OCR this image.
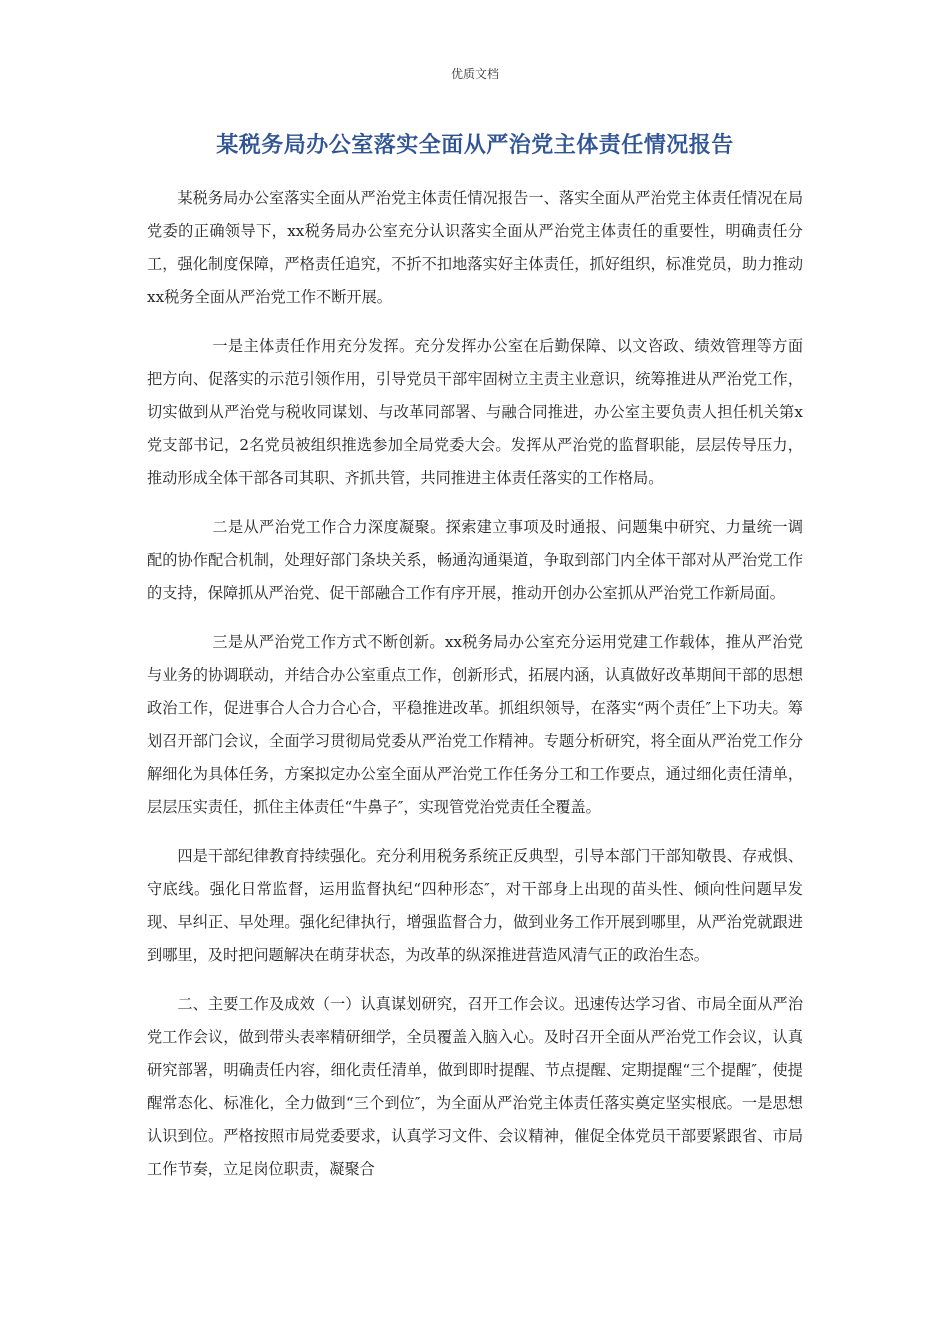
优质文档
某税务局办公室落实全面从严治党主体责任情况报告

某税务局办公室落实全面从严治党主体责任情况报告一、落实全面从严治党主体责任情况在局党委的正确领导下，xx税务局办公室充分认识落实全面从严治党主体责任的重要性，明确责任分工，强化制度保障，严格责任追究，不折不扣地落实好主体责任，抓好组织，标准党员，助力推动xx税务全面从严治党工作不断开展。

一是主体责任作用充分发挥。充分发挥办公室在后勤保障、以文咨政、绩效管理等方面把方向、促落实的示范引领作用，引导党员干部牢固树立主责主业意识，统筹推进从严治党工作，切实做到从严治党与税收同谋划、与改革同部署、与融合同推进，办公室主要负责人担任机关第x党支部书记，2名党员被组织推选参加全局党委大会。发挥从严治党的监督职能，层层传导压力，推动形成全体干部各司其职、齐抓共管，共同推进主体责任落实的工作格局。

二是从严治党工作合力深度凝聚。探索建立事项及时通报、问题集中研究、力量统一调配的协作配合机制，处理好部门条块关系，畅通沟通渠道，争取到部门内全体干部对从严治党工作的支持，保障抓从严治党、促干部融合工作有序开展，推动开创办公室抓从严治党工作新局面。

三是从严治党工作方式不断创新。xx税务局办公室充分运用党建工作载体，推从严治党与业务的协调联动，并结合办公室重点工作，创新形式，拓展内涵，认真做好改革期间干部的思想政治工作，促进事合人合力合心合，平稳推进改革。抓组织领导，在落实“两个责任″上下功夫。筹划召开部门会议，全面学习贯彻局党委从严治党工作精神。专题分析研究，将全面从严治党工作分解细化为具体任务，方案拟定办公室全面从严治党工作任务分工和工作要点，通过细化责任清单，层层压实责任，抓住主体责任“牛鼻子″，实现管党治党责任全覆盖。

四是干部纪律教育持续强化。充分利用税务系统正反典型，引导本部门干部知敬畏、存戒惧、守底线。强化日常监督，运用监督执纪“四种形态″，对干部身上出现的苗头性、倾向性问题早发现、早纠正、早处理。强化纪律执行，增强监督合力，做到业务工作开展到哪里，从严治党就跟进到哪里，及时把问题解决在萌芽状态，为改革的纵深推进营造风清气正的政治生态。

二、主要工作及成效（一）认真谋划研究，召开工作会议。迅速传达学习省、市局全面从严治党工作会议，做到带头表率精研细学，全员覆盖入脑入心。及时召开全面从严治党工作会议，认真研究部署，明确责任内容，细化责任清单，做到即时提醒、节点提醒、定期提醒“三个提醒″，使提醒常态化、标准化，全力做到“三个到位″，为全面从严治党主体责任落实奠定坚实根底。一是思想认识到位。严格按照市局党委要求，认真学习文件、会议精神，催促全体党员干部要紧跟省、市局工作节奏，立足岗位职责，凝聚合
